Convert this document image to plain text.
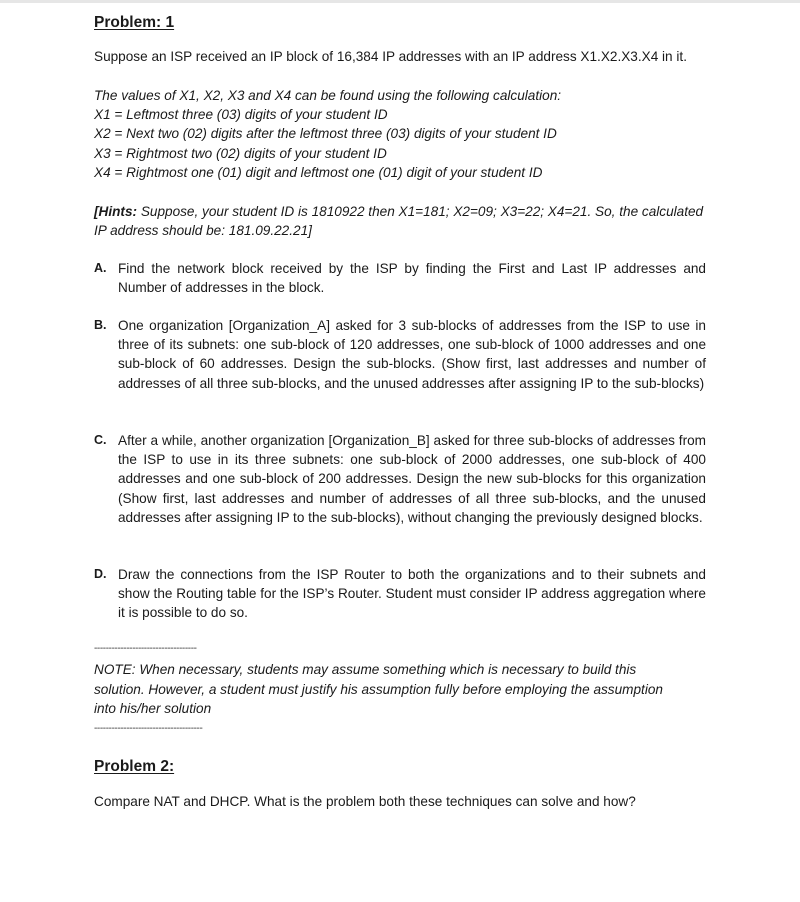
Problem: 1
Suppose an ISP received an IP block of 16,384 IP addresses with an IP address X1.X2.X3.X4 in it.
The values of X1, X2, X3 and X4 can be found using the following calculation:
X1 = Leftmost three (03) digits of your student ID
X2 = Next two (02) digits after the leftmost three (03) digits of your student ID
X3 = Rightmost two (02) digits of your student ID
X4 = Rightmost one (01) digit and leftmost one (01) digit of your student ID
[Hints: Suppose, your student ID is 1810922 then X1=181; X2=09; X3=22; X4=21. So, the calculated
IP address should be: 181.09.22.21]
A. Find the network block received by the ISP by finding the First and Last IP addresses and Number of addresses in the block.
B. One organization [Organization_A] asked for 3 sub-blocks of addresses from the ISP to use in three of its subnets: one sub-block of 120 addresses, one sub-block of 1000 addresses and one sub-block of 60 addresses. Design the sub-blocks. (Show first, last addresses and number of addresses of all three sub-blocks, and the unused addresses after assigning IP to the sub-blocks)
C. After a while, another organization [Organization_B] asked for three sub-blocks of addresses from the ISP to use in its three subnets: one sub-block of 2000 addresses, one sub-block of 400 addresses and one sub-block of 200 addresses. Design the new sub-blocks for this organization (Show first, last addresses and number of addresses of all three sub-blocks, and the unused addresses after assigning IP to the sub-blocks), without changing the previously designed blocks.
D. Draw the connections from the ISP Router to both the organizations and to their subnets and show the Routing table for the ISP’s Router. Student must consider IP address aggregation where it is possible to do so.
-----------------------------------
NOTE: When necessary, students may assume something which is necessary to build this
solution. However, a student must justify his assumption fully before employing the assumption
into his/her solution
-------------------------------------
Problem 2:
Compare NAT and DHCP. What is the problem both these techniques can solve and how?
